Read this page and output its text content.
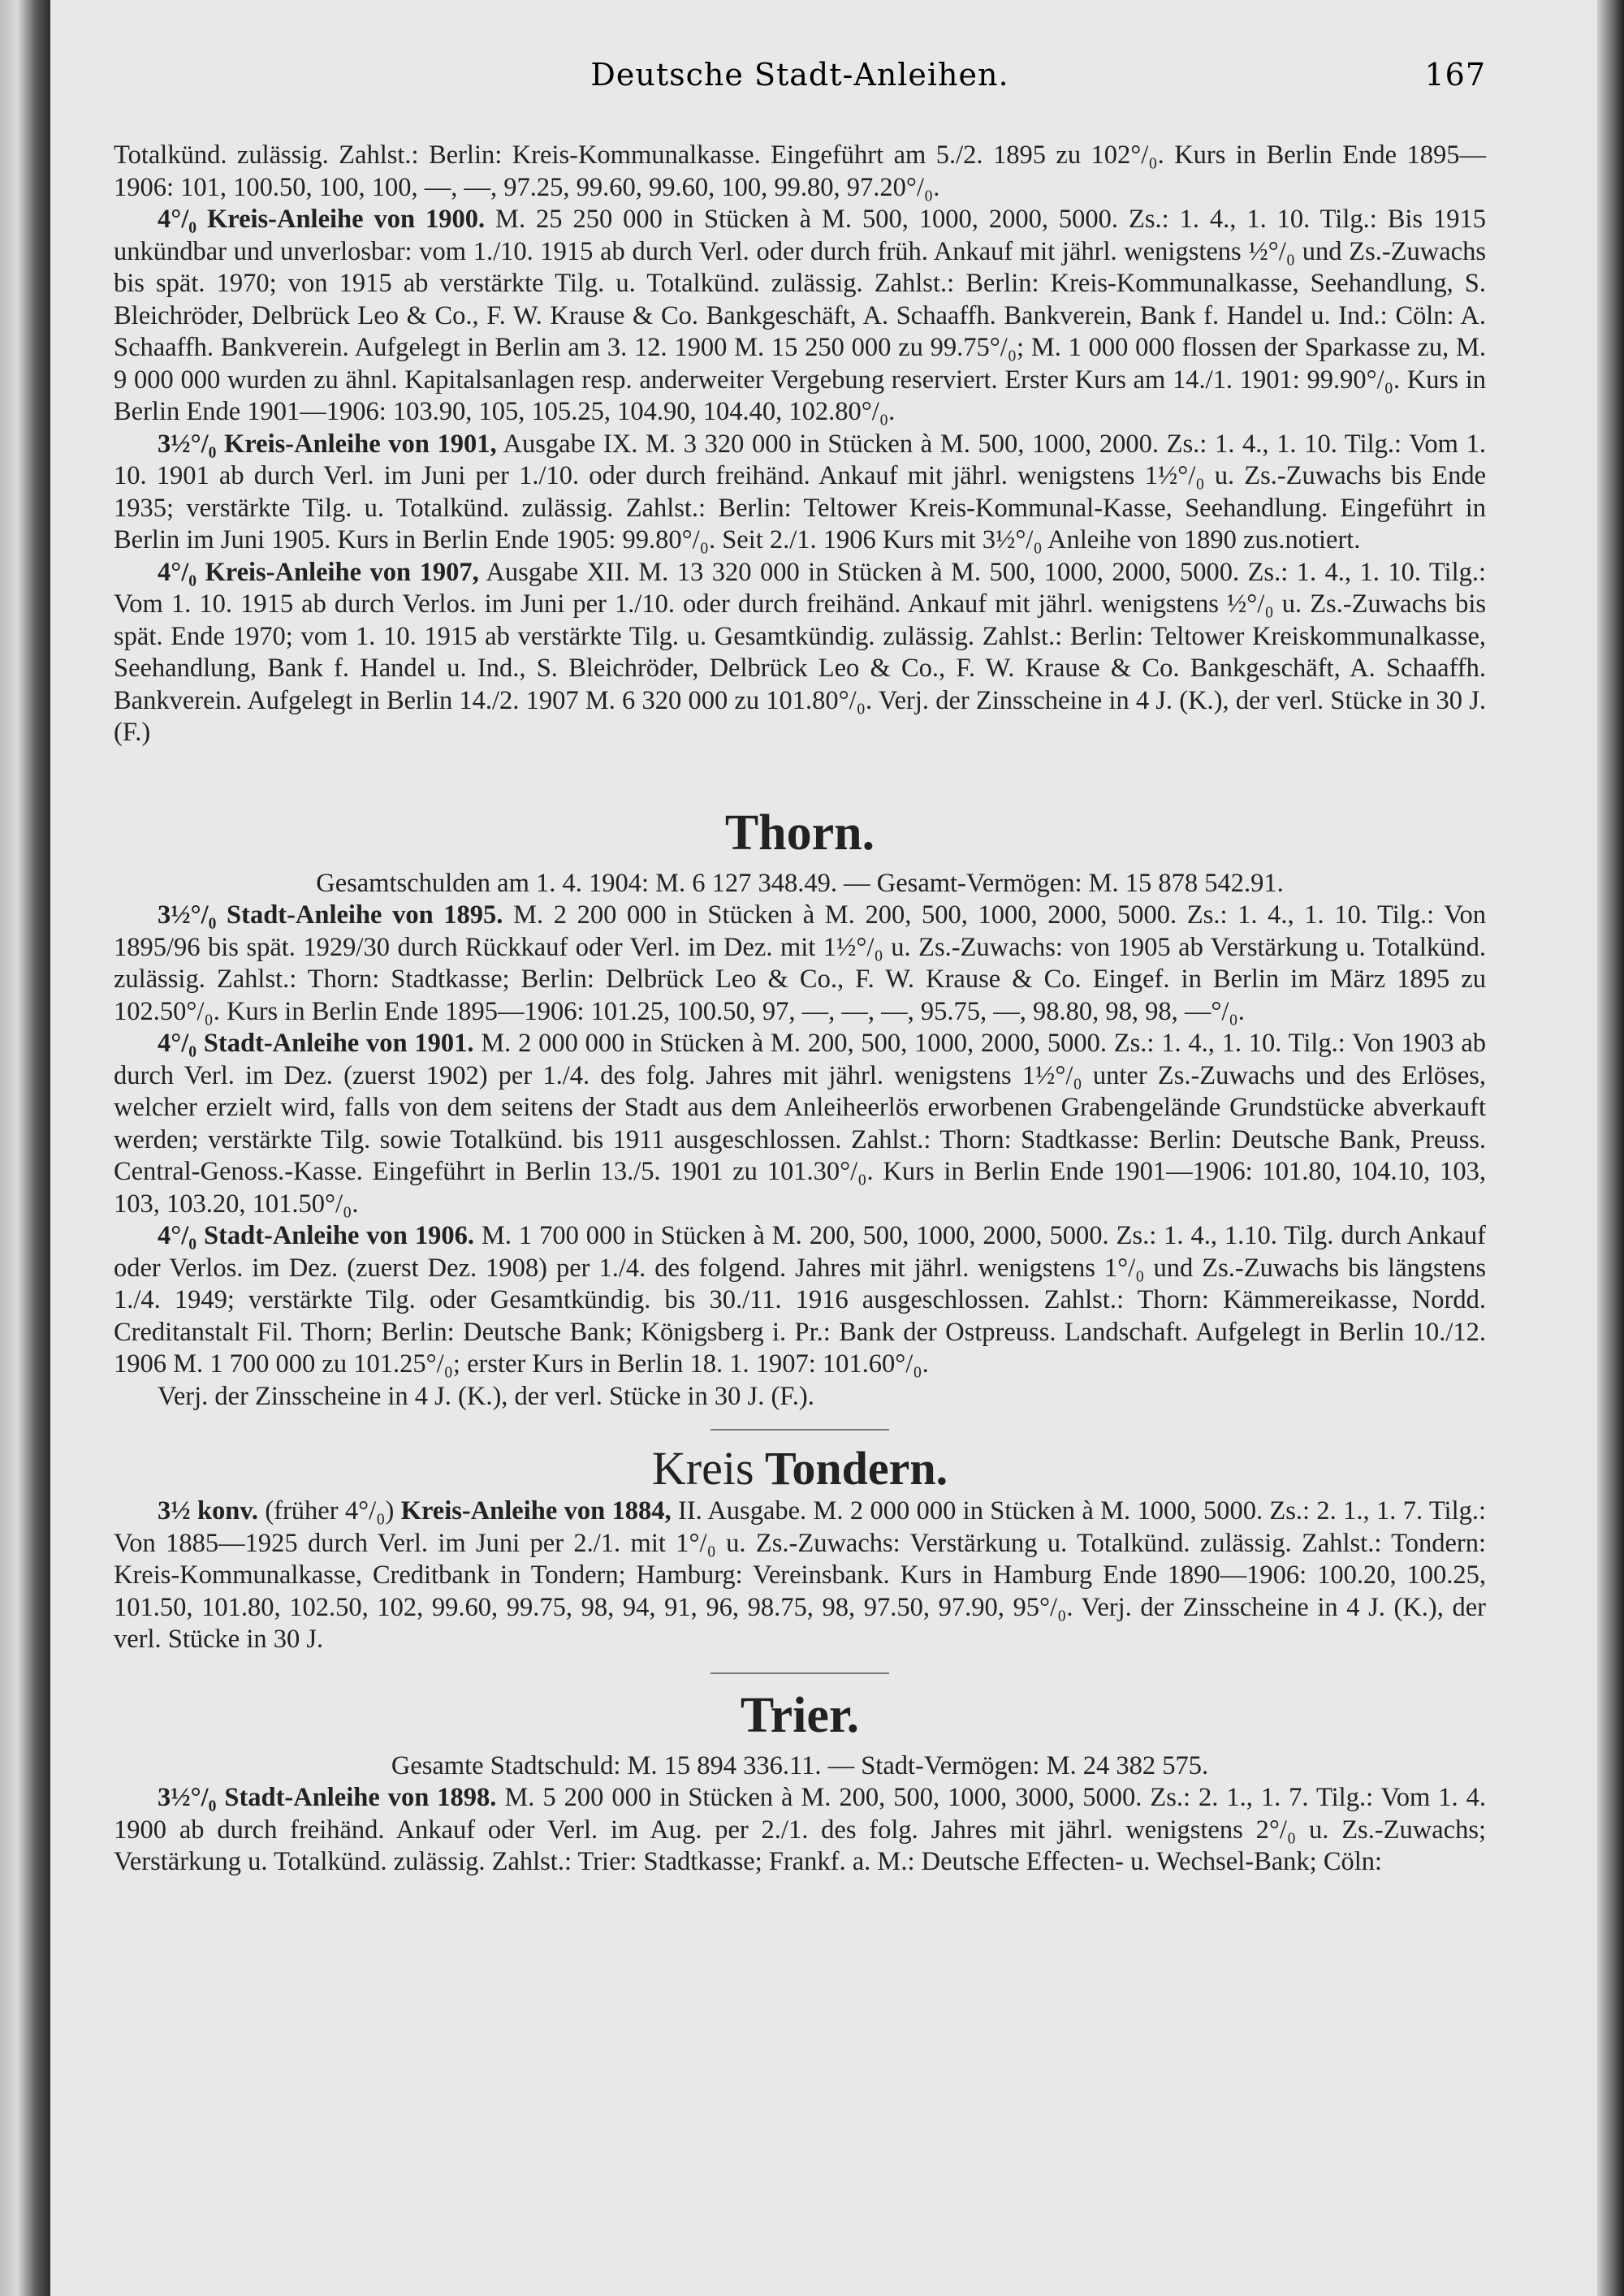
Deutsche Stadt-Anleihen.	167

Totalkünd. zulässig. Zahlst.: Berlin: Kreis-Kommunalkasse. Eingeführt am 5./2. 1895 zu 102°/₀. Kurs in Berlin Ende 1895—1906: 101, 100.50, 100, 100, —, —, 97.25, 99.60, 99.60, 100, 99.80, 97.20°/₀.

4°/₀ Kreis-Anleihe von 1900. M. 25 250 000 in Stücken à M. 500, 1000, 2000, 5000. Zs.: 1. 4., 1. 10. Tilg.: Bis 1915 unkündbar und unverlosbar: vom 1./10. 1915 ab durch Verl. oder durch früh. Ankauf mit jährl. wenigstens ½°/₀ und Zs.-Zuwachs bis spät. 1970; von 1915 ab verstärkte Tilg. u. Totalkünd. zulässig. Zahlst.: Berlin: Kreis-Kommunalkasse, Seehandlung, S. Bleichröder, Delbrück Leo & Co., F. W. Krause & Co. Bankgeschäft, A. Schaaffh. Bankverein, Bank f. Handel u. Ind.: Cöln: A. Schaaffh. Bankverein. Aufgelegt in Berlin am 3. 12. 1900 M. 15 250 000 zu 99.75°/₀; M. 1 000 000 flossen der Sparkasse zu, M. 9 000 000 wurden zu ähnl. Kapitalsanlagen resp. anderweiter Vergebung reserviert. Erster Kurs am 14./1. 1901: 99.90°/₀. Kurs in Berlin Ende 1901—1906: 103.90, 105, 105.25, 104.90, 104.40, 102.80°/₀.

3½°/₀ Kreis-Anleihe von 1901, Ausgabe IX. M. 3 320 000 in Stücken à M. 500, 1000, 2000. Zs.: 1. 4., 1. 10. Tilg.: Vom 1. 10. 1901 ab durch Verl. im Juni per 1./10. oder durch freihänd. Ankauf mit jährl. wenigstens 1½°/₀ u. Zs.-Zuwachs bis Ende 1935; verstärkte Tilg. u. Totalkünd. zulässig. Zahlst.: Berlin: Teltower Kreis-Kommunal-Kasse, Seehandlung. Eingeführt in Berlin im Juni 1905. Kurs in Berlin Ende 1905: 99.80°/₀. Seit 2./1. 1906 Kurs mit 3½°/₀ Anleihe von 1890 zus.notiert.

4°/₀ Kreis-Anleihe von 1907, Ausgabe XII. M. 13 320 000 in Stücken à M. 500, 1000, 2000, 5000. Zs.: 1. 4., 1. 10. Tilg.: Vom 1. 10. 1915 ab durch Verlos. im Juni per 1./10. oder durch freihänd. Ankauf mit jährl. wenigstens ½°/₀ u. Zs.-Zuwachs bis spät. Ende 1970; vom 1. 10. 1915 ab verstärkte Tilg. u. Gesamtkündig. zulässig. Zahlst.: Berlin: Teltower Kreiskommunalkasse, Seehandlung, Bank f. Handel u. Ind., S. Bleichröder, Delbrück Leo & Co., F. W. Krause & Co. Bankgeschäft, A. Schaaffh. Bankverein. Aufgelegt in Berlin 14./2. 1907 M. 6 320 000 zu 101.80°/₀. Verj. der Zinsscheine in 4 J. (K.), der verl. Stücke in 30 J. (F.)

Thorn.
Gesamtschulden am 1. 4. 1904: M. 6 127 348.49. — Gesamt-Vermögen: M. 15 878 542.91.

3½°/₀ Stadt-Anleihe von 1895. M. 2 200 000 in Stücken à M. 200, 500, 1000, 2000, 5000. Zs.: 1. 4., 1. 10. Tilg.: Von 1895/96 bis spät. 1929/30 durch Rückkauf oder Verl. im Dez. mit 1½°/₀ u. Zs.-Zuwachs: von 1905 ab Verstärkung u. Totalkünd. zulässig. Zahlst.: Thorn: Stadtkasse; Berlin: Delbrück Leo & Co., F. W. Krause & Co. Eingef. in Berlin im März 1895 zu 102.50°/₀. Kurs in Berlin Ende 1895—1906: 101.25, 100.50, 97, —, —, —, 95.75, —, 98.80, 98, 98, —°/₀.

4°/₀ Stadt-Anleihe von 1901. M. 2 000 000 in Stücken à M. 200, 500, 1000, 2000, 5000. Zs.: 1. 4., 1. 10. Tilg.: Von 1903 ab durch Verl. im Dez. (zuerst 1902) per 1./4. des folg. Jahres mit jährl. wenigstens 1½°/₀ unter Zs.-Zuwachs und des Erlöses, welcher erzielt wird, falls von dem seitens der Stadt aus dem Anleiheerlös erworbenen Grabengelände Grundstücke abverkauft werden; verstärkte Tilg. sowie Totalkünd. bis 1911 ausgeschlossen. Zahlst.: Thorn: Stadtkasse: Berlin: Deutsche Bank, Preuss. Central-Genoss.-Kasse. Eingeführt in Berlin 13./5. 1901 zu 101.30°/₀. Kurs in Berlin Ende 1901—1906: 101.80, 104.10, 103, 103, 103.20, 101.50°/₀.

4°/₀ Stadt-Anleihe von 1906. M. 1 700 000 in Stücken à M. 200, 500, 1000, 2000, 5000. Zs.: 1. 4., 1.10. Tilg. durch Ankauf oder Verlos. im Dez. (zuerst Dez. 1908) per 1./4. des folgend. Jahres mit jährl. wenigstens 1°/₀ und Zs.-Zuwachs bis längstens 1./4. 1949; verstärkte Tilg. oder Gesamtkündig. bis 30./11. 1916 ausgeschlossen. Zahlst.: Thorn: Kämmereikasse, Nordd. Creditanstalt Fil. Thorn; Berlin: Deutsche Bank; Königsberg i. Pr.: Bank der Ostpreuss. Landschaft. Aufgelegt in Berlin 10./12. 1906 M. 1 700 000 zu 101.25°/₀; erster Kurs in Berlin 18. 1. 1907: 101.60°/₀.

Verj. der Zinsscheine in 4 J. (K.), der verl. Stücke in 30 J. (F.).

Kreis Tondern.

3½ konv. (früher 4°/₀) Kreis-Anleihe von 1884, II. Ausgabe. M. 2 000 000 in Stücken à M. 1000, 5000. Zs.: 2. 1., 1. 7. Tilg.: Von 1885—1925 durch Verl. im Juni per 2./1. mit 1°/₀ u. Zs.-Zuwachs: Verstärkung u. Totalkünd. zulässig. Zahlst.: Tondern: Kreis-Kommunalkasse, Creditbank in Tondern; Hamburg: Vereinsbank. Kurs in Hamburg Ende 1890—1906: 100.20, 100.25, 101.50, 101.80, 102.50, 102, 99.60, 99.75, 98, 94, 91, 96, 98.75, 98, 97.50, 97.90, 95°/₀. Verj. der Zinsscheine in 4 J. (K.), der verl. Stücke in 30 J.

Trier.
Gesamte Stadtschuld: M. 15 894 336.11. — Stadt-Vermögen: M. 24 382 575.

3½°/₀ Stadt-Anleihe von 1898. M. 5 200 000 in Stücken à M. 200, 500, 1000, 3000, 5000. Zs.: 2. 1., 1. 7. Tilg.: Vom 1. 4. 1900 ab durch freihänd. Ankauf oder Verl. im Aug. per 2./1. des folg. Jahres mit jährl. wenigstens 2°/₀ u. Zs.-Zuwachs; Verstärkung u. Totalkünd. zulässig. Zahlst.: Trier: Stadtkasse; Frankf. a. M.: Deutsche Effecten- u. Wechsel-Bank; Cöln:
